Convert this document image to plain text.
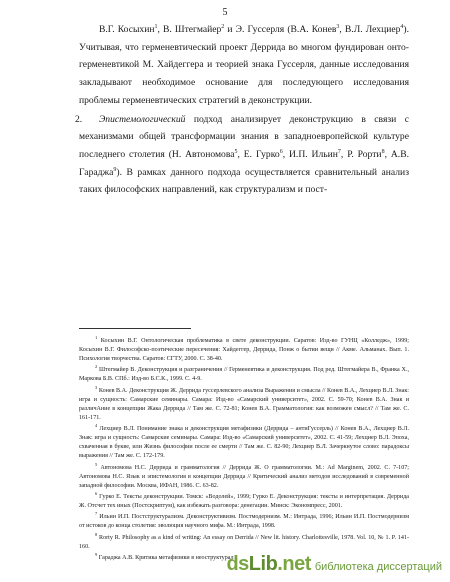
5

В.Г. Косыхин$^1$, В. Штегмайер$^2$ и Э. Гуссерля (В.А. Конев$^3$, В.Л. Лехциер$^4$). Учитывая, что герменевтический проект Деррида во многом фундирован онто-герменевтикой М. Хайдеггера и теорией знака Гуссерля, данные исследования закладывают необходимое основание для последующего исследования проблемы герменевтических стратегий в деконструкции.

2.	Эпистемологический подход анализирует деконструкцию в связи с механизмами общей трансформации знания в западноевропейской культуре последнего столетия (Н. Автономова$^5$, Е. Гурко$^6$, И.П. Ильин$^7$, Р. Рорти$^8$, А.В. Гараджа$^9$). В рамках данного подхода осуществляется сравнительный анализ таких философских направлений, как структурализм и пост-

$^1$ Косыхин В.Г. Онтологическая проблематика в свете деконструкции. Саратов: Изд-во ГУНЦ «Колледж», 1999; Косыхин В.Г. Философско-поэтические пересечения: Хайдеггер, Деррида, Понж о бытии вещи // Акме. Альманах. Вып. 1. Психология творчества. Саратов: СГТУ, 2000. С. 38-40.

$^2$ Штегмайер В. Деконструкция и разграничения // Герменевтика и деконструкция. Под ред. Штегмайера В., Франка Х., Маркова Б.В. СПб.: Изд-во Б.С.К., 1999. С. 4-9.

$^3$ Конев В.А. Деконструкция Ж. Деррида гуссерлевского анализа Выражения и смысла // Конев В.А., Лехциер В.Л. Знак: игра и сущность: Самарские семинары. Самара: Изд-во «Самарский университет», 2002. С. 59-70; Конев В.А. Знак и различАние в концепции Жака Деррида // Там же. С. 72-81; Конев В.А. Грамматология: как возможен смысл? // Там же. С. 161-171.

$^4$ Лехциер В.Л. Понимание знака и деконструкция метафизики (Деррида – антиГуссерль) // Конев В.А., Лехциер В.Л. Знак: игра и сущность: Самарские семинары. Самара: Изд-во «Самарский университет», 2002. С. 41-59; Лехциер В.Л. Эпоха, схваченная в букве, или Жизнь философии после ее смерти // Там же. С. 82-90; Лехциер В.Л. Зачеркнутое слово: парадоксы выражения // Там же. С. 172-179.

$^5$ Автономова Н.С. Деррида и грамматология // Деррида Ж. О грамматологии. М.: Ad Marginem, 2002. С. 7-107; Автономова Н.С. Язык и эпистемология в концепции Деррида // Критический анализ методов исследований в современной западной философии. Москва, ИФАН, 1986. С. 63-82.

$^6$ Гурко Е. Тексты деконструкции. Томск: «Водолей», 1999; Гурко Е. Деконструкция: тексты и интерпретация. Деррида Ж. Отсчет тех иных (Постскриптум), как избежать разговора: денегации. Минск: Экономпресс, 2001.

$^7$ Ильин И.П. Постструктурализм. Деконструктивизм. Постмодернизм. М.: Интрада, 1996; Ильин И.П. Постмодернизм от истоков до конца столетия: эволюция научного мифа. М.: Интрада, 1998.

$^8$ Rorty R. Philosophy as a kind of writing: An essay on Derrida // New lit. history. Charlottesville, 1978. Vol. 10, № 1. P. 141-160.

$^9$ Гараджа А.В. Критика метафизики в неоструктурал

dsLib.net библиотека диссертаций
